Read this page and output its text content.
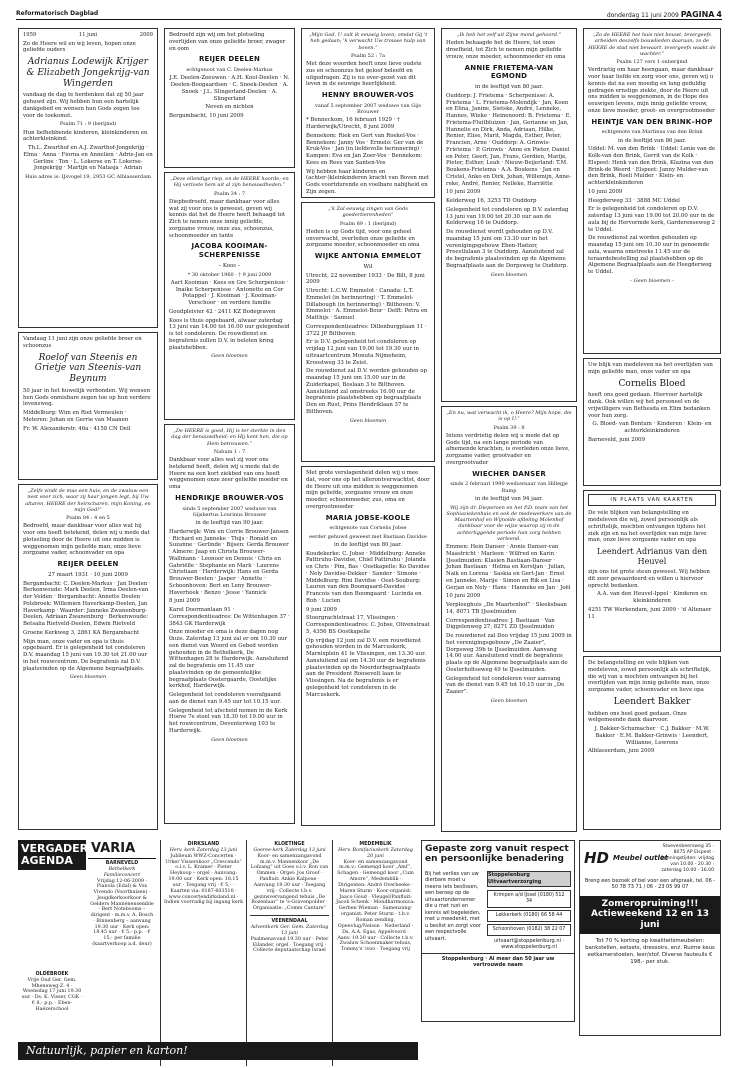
Reformatorisch Dagblad	donderdag 11 juni 2009 PAGINA 4
1959	11 juni	2009

Zo de Heere wil en wij leven, hopen onze geliefde ouders

Adrianus Lodewijk Krijger & Elizabeth Jongekrijg-van Wingerden

vandaag de dag te herdenken dat zij 50 jaar gehuwd zijn. Wij hebben hun een hartelijk dankgebed en wensen hun Gods zegen toe voor de toekomst.

Psalm 71 : 9 (berijmd)

Hun liefhebbende kinderen, kleinkinderen en achterkleinkind.

Th.L. Zwarthof en A.J. Zwarthof-Jongekrijg · Elma · Anna · Fiorna en Annelien · Adrie-Jan en Gerline · Ton · L. Lokerse en T. Lokerse-Jongekrijg · Martijn en Natasja · Adrian

Huis adres is: IJsvogel 19, 2953 GC Alblasserdam

Vandaag 11 juni zijn onze geliefde broer en schoonzus

Roelof van Steenis en Grietje van Steenis-van Beynum

50 jaar in het huwelijk verbonden. Wij wensen hen Gods onmisbare zegen toe op hun verdere levensweg.

Middelburg: Wim en Riet Vermeulen · Meteren: Johan en Gerrie van Maanen

Fr. W. Alexanderstr. 46a · 4158 CN Deil

„Zelfs vindt de mus een huis, en de zwaluw een nest voor zich, waar zij haar jongen legt, bij Uw altaren, HEERE der heirscharen, mijn Koning, en mijn God!”

Psalm 84 : 4 en 5

Bedroefd, maar dankbaar voor alles wat hij voor ons heeft betekend, delen wij u mede dat plotseling door de Heere uit ons midden is weggenomen mijn geliefde man, onze lieve zorgzame vader, schoonvader en opa

REIJER DEELEN

27 maart 1931 · 10 juni 2009

Bergambacht: C. Deelen-Markus · Jan Deelen · Berkenwoude: Mark Deelen, Irma Deelen-van der Velden · Bergambacht: Annette Deelen · Polsbroek: Willemien Haverkamp-Deelen, Jan Haverkamp · Waarder: Janneke Zwanenburg-Deelen, Adriaan Zwanenburg · Berkenwoude: Betsalia Rietveld-Deelen, Edwin Rietveld

Groene Kerkweg 3, 2861 KA Bergambacht

Mijn man, onze vader en opa is thuis opgebaard. Er is gelegenheid tot condoleren D.V. maandag 15 juni van 19.30 tot 21.00 uur in het rouwcentrum. De begrafenis zal D.V. plaatsvinden op de Algemene begraafplaats.

Geen bloemen

Bedroefd zijn wij om het plotseling overlijden van onze geliefde broer, zwager en oom

REIJER DEELEN

echtgenoot van C. Deelen-Markus

J.E. Deelen-Zeeuwen · A.H. Kool-Deelen · N. Deelen-Boogaardsen · C. Snoek-Deelen · A. Snoek · J.L. Slingerland-Deelen · A. Slingerland

Neven en nichten

Bergambacht, 10 juni 2009

„Deze ellendige riep, en de HEERE hoorde; en Hij verloste hem uit al zijn benauwdheden.”

Psalm 34 : 7

Diepbedroefd, maar dankbaar voor alles wat zij voor ons is geweest, geven wij kennis dat het de Heere heeft behaagd tot Zich te nemen onze innig geliefde, zorgzame vrouw, onze zus, schoonzus, schoonmoeder en tante

JACOBA KOOIMAN-SCHERPENISSE

– Koos –

* 30 oktober 1960 · † 9 juni 2009

Aart Kooiman · Kees en Gre Scherpenisse · Inaike Scherpenisse · Antonette en Cor Potappel · J. Kooiman · J. Kooiman-Verschoor · en verdere familie

Goudpleivier 42 · 2411 KZ Bodegraven

Koos is thuis opgebaard, alwaar zaterdag 13 juni van 14.00 tot 16.00 uur gelegenheid is tot condoleren. De rouwdienst en begrafenis zullen D.V. in beloten kring plaatshebben.

Geen bloemen

„De HEERE is goed, Hij is ter sterkte in den dag der benauwdheid; en Hij kent hen, die op Hem betrouwen.”

Nahum 1 : 7

Dankbaar voor alles wat zij voor ons betekend heeft, delen wij u mede dat de Heere na een kort ziekbed van ons heeft weggenomen onze zeer geliefde moeder en oma

HENDRIKJE BROUWER-VOS

sinds 5 september 2007 weduwe van Gijsbertus Lourinus Brouwer

in de leeftijd van 90 jaar.

Harderwijk: Wim en Corrie Brouwer-Jansen · Richard en Janneke · Thijs · Ronald en Suzanne · Gerlinde · Bijsen: Gerda Brouwer · Almere: Jaap en Christa Brouwer-Wallmann · Leonoor en Dennis · Chris en Gabriëlle · Stephanie en Mark · Laurens Christiaan · Harderwijk: Hans en Gerda Brouwer-Beelen · Jasper · Annette · Schoonhoven: Bert en Leny Brouwer-Haverhoek · Benzo · Jesse · Yannick

8 juni 2009

Karel Doormanlaan 91 · Correspondentieadres: De Wittenhagen 37 · 3843 GK Harderwijk

Onze moeder en oma is deze dagen nog thuis. Zaterdag 13 juni zal er om 10.30 uur een dienst van Woord en Gebed worden gehouden in de Bethelkerk, De Wittenhagen 28 te Harderwijk. Aansluitend zal de begrafenis om 11.45 uur plaatsvinden op de gemeentelijke begraafplaats Oostergaarde, Oostelijke kerkhof, Harderwijk.

Gelegenheid tot condoleren voorafgaand aan de dienst van 9.45 uur tot 10.15 uur.

Gelegenheid tot afscheid nemen in de Kerk Hoeve 7e stoel van 18.30 tot 19.00 uur in het rouwcentrum, Deventerweg 103 te Harderwijk.

Geen bloemen

„Mijn God, U zult ik eeuwig loven; omdat Gij 't heb gedaan; 'k verwacht Uw trouwe hulp van boven.”

Psalm 52 : 7a

Met deze woorden heeft onze lieve oudste zus en schoonzus het geloof beleefd en uitgedragen. Zij is nu over-gezet van dit leven in de eeuwige heerlijkheid.

HENNY BROUWER-VOS

vanaf 5 september 2007 weduwe van Gijs Brouwer

* Benneckom, 16 februari 1929 · † Harderwijk/Utrecht, 8 juni 2009

Bennekom: Riek en Gert van Roekel-Vos · Bennekom: Janny Vos · Ermelo: Ger van de Kruk-Vos · Jan (in liefdevolle herinnering) · Kampen: Eva en Jan Zoer-Vos · Bennekom: Kees en Rees van Santen-Vos

Wij hebben haar kinderen en (achter-)kleinkinderen kracht van Boven met Gods voortdurende en voelbare nabijheid en Zijn zegen.

„'k Zal eeuwig zingen van Gods goedertierenheden”

Psalm 89 : 1 (berijmd)

Heden is op Gods tijd, voor ons geheel onverwacht, overleden onze geliefde en zorgzame moeder, schoonmoeder en oma

WIJKE ANTONIA EMMELOT

Wil

Utrecht, 22 november 1933 · De Bilt, 8 juni 2009

Utrecht: L.C.W. Emmelot · Canada: L.T. Emmelot (in herinnering) · T. Emmelot-Dillabough (in herinnering) · Bilthoven: V. Emmelot · A. Emmelot-Bour · Delft: Petra en Matthijs · Samuel

Correspondentieadres: Dillenburgplaan 11 · 3722 JP Bilthoven

Er is D.V. gelegenheid tot condoleren op vrijdag 12 juni van 19.00 tot 19.30 uur in uitvaartcentrum Monuta Nijmeheim, Kroostweg 33 te Zeist.

De rouwdienst zal D.V. worden gehouden op maandag 15 juni om 15.00 uur in de Zuiderkapel, Boslaan 3 te Bilthoven. Aansluitend zal omstreeks 16.00 uur de begrafenis plaatshebben op begraafplaats Den en Rust, Prins Hendriklaan 37 te Bilthoven.

Geen bloemen

Met grote verslagenheid delen wij u mee dat, voor ons op het allerontverwachtst, door de Heere uit ons midden is weggenomen mijn geliefde, zorgzame vrouw en onze moeder, schoonmoeder, zus, oma en overgrootmoeder

MARIA JOBSE-KOOLE

echtgenote van Cornelis Jobse

eerder gehuwd geweest met Bastiaan Davidse

in de leeftijd van 80 jaar.

Koudekerke: C. Jobse · Middelburg: Anneke Pattiruhu-Davidse, Chiel Pattiruhu · Jolanda en Chris · Pim, Bas · Oostkapelle: Ko Davidse · Nely Davidse-Dekker · Sander · Simone · Middelburg: Rini Davidse · Oost-Souburg: Lauren van den Boomgaard-Davidse · Francois van den Boomgaard · Lucinda en Rob · Lucien

9 juni 2009

Stoergrachtstraat 17, Vlissingen · Correspondentieadres: C. Jobse, Olivenstraat 5, 4356 BS Oostkapelle

Op vrijdag 12 juni zal D.V. een rouwdienst gehouden worden in de Marcuskerk, Marnixplein 41 te Vlissingen, om 13.30 uur. Aansluitend zal om 14.30 uur de begrafenis plaatsvinden op de Noorderbegraafplaats aan de President Roosevelt laan te Vlissingen. Na de begrafenis is er gelegenheid tot condoleren in de Marcuskerk.

„Ik heb het zelf uit Zijne mond gehoord.”

Heden behaagde het de Heere, tot onze droefheid, tot Zich te nemen mijn geliefde vrouw, onze moeder, schoonmoeder en oma

ANNIE FRIETEMA-VAN EGMOND

in de leeftijd van 80 jaar.

Ouddorp: J. Frietema · Scherpenisse: A. Frietema · L. Frietema-Molendijk · Jan, Koen en Elina, Janine, Sietske, André, Lenneke, Hannes, Wieke · Heinenoord: B. Frietema · E. Frietema-Fluitbluizen · Jan, Gerianne en Jan, Hannelie en Dirk, Anda, Adriaan, Hilke, Renier, Elise, Marit, Magda, Esther, Peter, Francien, Arne · Ouddorp: A. Grinwis-Frietema · P. Grinwis · Anne en Pieter, Daniel en Peter, Geert, Jan, Frans, Gerdien, Marije, Pieter, Esther, Leah · Nieuw-Beijerland: T.M. Boukens-Frietema · A.A. Boukens · Jan en Cristel, Anko en Dirk, Johan, Willemijn, Anne-reke, André, Renier, Nelleke, Harriëtte

10 juni 2009

Kelderweg 16, 3253 TD Ouddorp

Gelegenheid tot condoleren op D.V. zaterdag 13 juni van 19.00 tot 20.30 uur aan de Kelderweg 16 te Ouddorp.

De rouwdienst wordt gehouden op D.V. maandag 15 juni om 13.30 uur in het verenigingsgebouw Eben-Haëzer, Preestlulaan 3 te Ouddorp. Aansluitend zal de begrafenis plaatsvinden op de Algemene Begraafplaats aan de Dorpsweg te Ouddorp.

Geen bloemen

„En nu, wat verwacht ik, o Heere? Mijn hope, die is op U.”

Psalm 39 : 8

Intens verdrietig delen wij u mede dat op Gods tijd, na een lange periode van afnemende krachten, is overleden onze lieve, zorgzame vader, grootvader en overgrootvader

WIECHER DANSER

sinds 2 februari 1990 weduwnaar van Hillegje Rump

in de leeftijd van 94 jaar.

Wij zijn dr. Dieperoen en het P.D. team van het Sophiaziekenhuis en ook de medewerkers van de Maartenhof en Wijnolde afdeling Molenhof dankbaar voor de wijze waarop zij in de achterliggende periode hun zorg hebben verleend.

Emmen: Hein Danser · Annie Danser-van Maastricht · Marleen · Wilfred en Karin · IJsselmuiden: Klasien Bastiaan-Danser · Johan Bastiaan · Helma en Kerstjan · Julian, Naik en Lorena · Saskia en Gert-Jan · Ernst en Janneke, Marije · Simon en Rik en Lisa · Gerjan en Nely · Hans · Hanneke en Jan · Joël

10 juni 2009

Verpleeghuis „De Maartenhof” · Sleeksbaan 14, 8071 TB IJsselmuiden

Correspondentieadres: J. Bastiaan · Van Diggelenweg 27, 8271 ZD IJsselmuiden

De rouwdienst zal Doo vrijdag 15 juni 2009 in het verenigingsgebouw „De Zaaier”, Dorpsweg 39b te IJsselmuiden. Aanvang 14.00 uur. Aansluitend vindt de begrafenis plaats op de Algemene begraafplaats aan de Oosterholtseweg 49 te IJsselmuiden.

Gelegenheid tot condoleren voor aanvang van de dienst van 9.45 tot 10.15 uur in „De Zaaier”.

Geen bloemen

„Zo de HEERE het huis niet bouwt, tevergeefs arbeiden deszelfs bouwlieden daaraan; zo de HEERE de stad niet bewaart, tevergeefs waakt de wachter.”

Psalm 127 vers 1 onberijmd

Verdrietig om haar heengaan, maar dankbaar voor haar liefde en zorg voor ons, geven wij u kennis dat na een moedig en lang geduldig gedragen ernstige ziekte, door de Heere uit ons midden is weggenomen, in de Hope des eeuwigen levens, mijn innig geliefde vrouw, onze lieve moeder, groot- en overgrootmoeder

HEINTJE VAN DEN BRINK–HOP

echtgenote van Martinus van den Brink

in de leeftijd van 86 jaar.

Uddel: M. van den Brink · Uddel: Lenie van de Kolk-van den Brink, Gerrit van de Kolk · Elspeet: Henk van den Brink, Klazina van den Brink-de Weerd · Elspeet: Janny Mulder-van den Brink, Roeli Mulder · Klein- en achterkleinkinderen

10 juni 2009

Heegderweg 33 · 3888 MC Uddel

Er is gelegenheid tot condoleren op D.V. zaterdag 13 juni van 19.00 tot 20.00 uur in de aula bij de Hervormde kerk, Garderenseweg 2 te Uddel.

De rouwdienst zal worden gehouden op maandag 15 juni om 10.30 uur in genoemde aula, waarna omstreeks 11.45 uur de teraardebestelling zal plaatshebben op de Algemene Begraafplaats aan de Heegderweg te Uddel.

– Geen bloemen –

Uw blijk van medeleven na het overlijden van mijn geliefde man, onze vader en opa

Cornelis Bloed

heeft ons goed gedaan. Hiervoor hartelijk dank. Ook willen wij het personeel en de vrijwilligers van Bethesda en Elim bedanken voor hun zorg.

G. Bloed- van Bentum · Kinderen · Klein- en achterkleinkinderen

Barneveld, juni 2009

IN PLAATS VAN KAARTEN

De vele blijken van belangstelling en medeleven die wij, zowel persoonlijk als schriftelijk, mochten ontvangen tijdens het ziek zijn en na het overlijden van mijn lieve man, onze lieve zorgzame vader en opa

Leendert Adrianus van den Heuvel

zijn ons tot grote steun geweest. Wij hebben dit zeer gewaardeerd en willen u hiervoor oprecht bedanken.

A.A. van den Heuvel-Ippel · Kinderen en kleinkinderen

4251 TW Werkendam, juni 2009 · 'd Altenaer 11

De belangstelling en vele blijken van medeleven, zowel persoonlijk als schriftelijk, die wij van u mochten ontvangen bij het overlijden van mijn innig geliefde man, onze zorgzame vader, schoonvader en lieve opa

Leendert Bakker

hebben ons heel goed gedaan. Onze welgemeende dank daarvoor.

J. Bakker-Schumacher · C.J. Bakker · M.W. Bakker · E.M. Bakker-Grinwis · Leendert, Willianne, Lowrens

Alblasserdam, juni 2009

VERGADER-AGENDA
OLDEBROEK
Vrije Oud Ger. Gem. Mheneweg-Z. 4 · Woensdag 17 juni 19.30 uur · Ds. K. Visser, CGK · € 8,- p.p. · Eben-Haëzerschool
VARIA
BARNEVELD
Bethelkerk Familieconcert
Vrijdag 12-06-2009 · Pianola (Edal) & Vox Vivendo (Voorthuizen) · Jeugdkerkoorkoor & Gelders Mannenensemble · Bert Notebooms – dirigent · m.m.v. A. Bosch · Binnenberg – aanvang 19.30 uur · Kerk open: 18.45 uur · € 5,- p.p. · € 15,- per familie (kaartverkoop a.d. deur)
DIRKSLAND
Herv. kerk Zaterdag 13 juni
Jubileum WWZ-Concerten · Urker Visserskoor „Crescendo” o.l.v. L. Kramer · Pieter Heykoop – orgel · Aanvang: 19.00 uur · Kerk open: 18.15 uur · Toegang vrij · € 5,- · Kaarten via: 0187-603510 · www.concertendirksland.nl · Indien voorradig bij ingang kerk
KLOETINGE
Goeree-kerk Zaterdag 13 juni
Koor- en samenzangavond m.m.v. Mannenkoor „De Lofzang” uit Goes o.l.v. Ron van Ommen · Orgel: Jos Groof · Panfluit: Ankie Kalpoue · Aanvang 19.30 uur · Toegang vrij · Collecte t.b.v. gezinsvervangend tehuis „De Rozenlaar” te 's-Gravenpolder · Organisatie: „Comm Cantare”
VEENENDAAL
Adventkerk Ger. Gem. Zaterdag 13 juni
Psalmenavond 19.30 uur · Peter Eilander, orgel · Toegang vrij · Collecte deputaatschap Israel
MEDEMBLIK
Herv. Bonifaciuskerk Zaterdag 20 juni
Koor- en samenzangavond m.m.v.: Gemengd koor „Amf”, Schagen · Gemengd koor „Cum Amore”, Medemblik · Dirigenten: André Overbeeke · Maren Sturm · Koor-organist: Jaaco Goud · Vleugel/Panfluit: Jacob Schenk · Mondharmonica: Gerben Wieman · Samenzang-organist: Peter Sturm · t.b.v. Roman zending, Openvlug/Nelson · Nederland · Ds. A.A. Egas, Appelvoord · Aanv. 19.30 uur · Collecte t.b.v. Zwaluw Schoenmaker tehuis, Tommy's' ivoo · Toegang vrij
Gepaste zorg vanuit respect en persoonlijke benadering
Bij het verlies van uw dierbare moet u ineens iets beslissen, een beroep op de uitvaartondernemer die u met rust en kennis wil begeleiden, met u meedenkt, met u beslist en zorgt voor een respectvolle uitvaart.
Stoppelenburg Uitvaartverzorging
Krimpen a/d IJssel (0180) 512 34
Lekkerkerk (0180) 66 58 44
Schoonhoven (0182) 38 22 07
uitvaart@stoppelenburg.nl · www.stoppelenburg.nl
Stoppelenburg · Al meer dan 50 jaar uw vertrouwde naam
HD Meubel outlet
Stoevenbeersweg 35 · 8075 AP Elspeet · Openingstijden: vrijdag van 10.00 - 20.30 · zaterdag 10.00 - 16.00
Breng een bezoek of bel voor een afspraak, tel. 06 - 50 78 73 71 / 06 - 23 05 99 07
Zomeropruiming!!!
Actieweekend 12 en 13 juni
Tot 70 % korting op kwaliteitsmeubelen: bankstellen, eetsets, dressoirs, enz. Ruime keus eetkamerstoelen, leer/stof. Diverse fauteuils € 198,- per stuk.
Natuurlijk, papier en karton!
